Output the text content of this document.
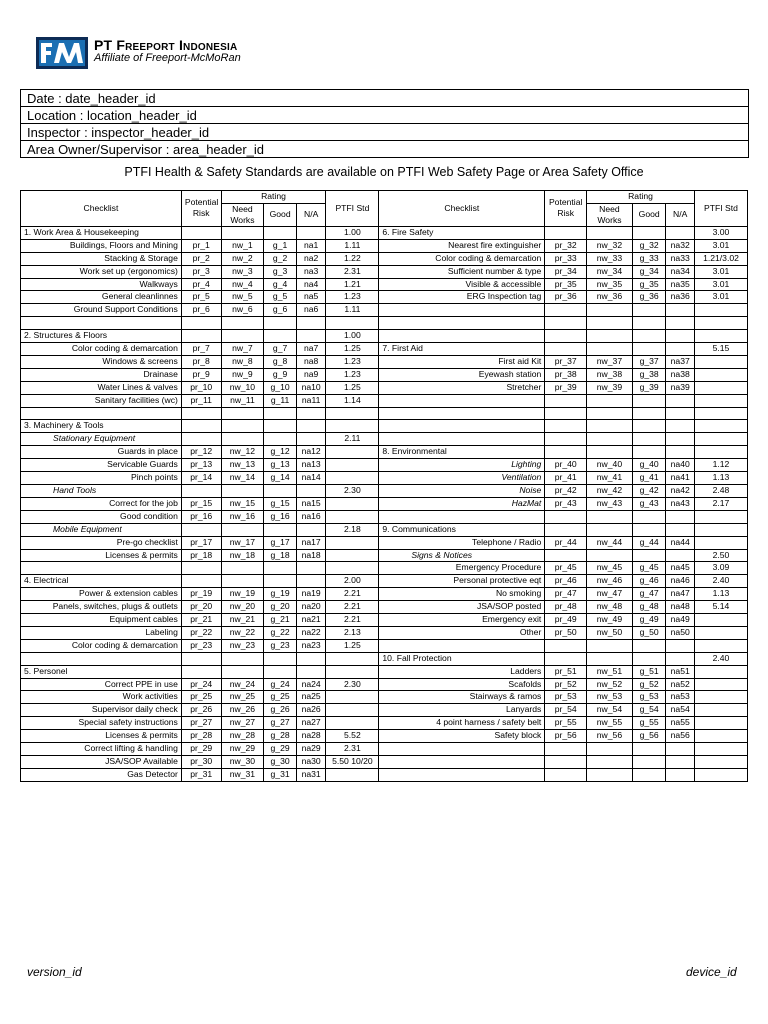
PT Freeport Indonesia
Affiliate of Freeport-McMoRan
Date : date_header_id
Location : location_header_id
Inspector : inspector_header_id
Area Owner/Supervisor : area_header_id
PTFI Health & Safety Standards are available on PTFI Web Safety Page or Area Safety Office
Checklist	Potential Risk	Rating			PTFI Std	Checklist	Potential Risk	Rating			PTFI Std
		Need Works	Good	N/A				Need Works	Good	N/A	
1. Work Area & Housekeeping					1.00	6. Fire Safety					3.00
Buildings, Floors and Mining	pr_1	nw_1	g_1	na1	1.11	Nearest fire extinguisher	pr_32	nw_32	g_32	na32	3.01
Stacking & Storage	pr_2	nw_2	g_2	na2	1.22	Color coding & demarcation	pr_33	nw_33	g_33	na33	1.21/3.02
Work set up (ergonomics)	pr_3	nw_3	g_3	na3	2.31	Sufficient number & type	pr_34	nw_34	g_34	na34	3.01
Walkways	pr_4	nw_4	g_4	na4	1.21	Visible & accessible	pr_35	nw_35	g_35	na35	3.01
General cleanlinnes	pr_5	nw_5	g_5	na5	1.23	ERG Inspection tag	pr_36	nw_36	g_36	na36	3.01
Ground Support Conditions	pr_6	nw_6	g_6	na6	1.11						

2. Structures & Floors					1.00						
Color coding & demarcation	pr_7	nw_7	g_7	na7	1.25	7. First Aid					5.15
Windows & screens	pr_8	nw_8	g_8	na8	1.23	First aid Kit	pr_37	nw_37	g_37	na37	
Drainase	pr_9	nw_9	g_9	na9	1.23	Eyewash station	pr_38	nw_38	g_38	na38	
Water Lines & valves	pr_10	nw_10	g_10	na10	1.25	Stretcher	pr_39	nw_39	g_39	na39	
Sanitary facilities (wc)	pr_11	nw_11	g_11	na11	1.14						

3. Machinery & Tools											
Stationary Equipment					2.11						
Guards in place	pr_12	nw_12	g_12	na12		8. Environmental					
Servicable Guards	pr_13	nw_13	g_13	na13		Lighting	pr_40	nw_40	g_40	na40	1.12
Pinch points	pr_14	nw_14	g_14	na14		Ventilation	pr_41	nw_41	g_41	na41	1.13
Hand Tools					2.30	Noise	pr_42	nw_42	g_42	na42	2.48
Correct for the job	pr_15	nw_15	g_15	na15		HazMat	pr_43	nw_43	g_43	na43	2.17
Good condition	pr_16	nw_16	g_16	na16							
Mobile Equipment					2.18	9. Communications					
Pre-go checklist	pr_17	nw_17	g_17	na17		Telephone / Radio	pr_44	nw_44	g_44	na44	
Licenses & permits	pr_18	nw_18	g_18	na18		Signs & Notices					2.50
						Emergency Procedure	pr_45	nw_45	g_45	na45	3.09
4. Electrical					2.00	Personal protective eqt	pr_46	nw_46	g_46	na46	2.40
Power & extension cables	pr_19	nw_19	g_19	na19	2.21	No smoking	pr_47	nw_47	g_47	na47	1.13
Panels, switches, plugs & outlets	pr_20	nw_20	g_20	na20	2.21	JSA/SOP posted	pr_48	nw_48	g_48	na48	5.14
Equipment cables	pr_21	nw_21	g_21	na21	2.21	Emergency exit	pr_49	nw_49	g_49	na49	
Labeling	pr_22	nw_22	g_22	na22	2.13	Other	pr_50	nw_50	g_50	na50	
Color coding & demarcation	pr_23	nw_23	g_23	na23	1.25						
						10. Fall Protection					2.40
5. Personel						Ladders	pr_51	nw_51	g_51	na51	
Correct PPE in use	pr_24	nw_24	g_24	na24	2.30	Scafolds	pr_52	nw_52	g_52	na52	
Work activities	pr_25	nw_25	g_25	na25		Stairways & ramos	pr_53	nw_53	g_53	na53	
Supervisor daily check	pr_26	nw_26	g_26	na26		Lanyards	pr_54	nw_54	g_54	na54	
Special safety instructions	pr_27	nw_27	g_27	na27		4 point harness / safety belt	pr_55	nw_55	g_55	na55	
Licenses & permits	pr_28	nw_28	g_28	na28	5.52	Safety block	pr_56	nw_56	g_56	na56	
Correct lifting & handling	pr_29	nw_29	g_29	na29	2.31						
JSA/SOP Available	pr_30	nw_30	g_30	na30	5.50 10/20						
Gas Detector	pr_31	nw_31	g_31	na31							
version_id	device_id
